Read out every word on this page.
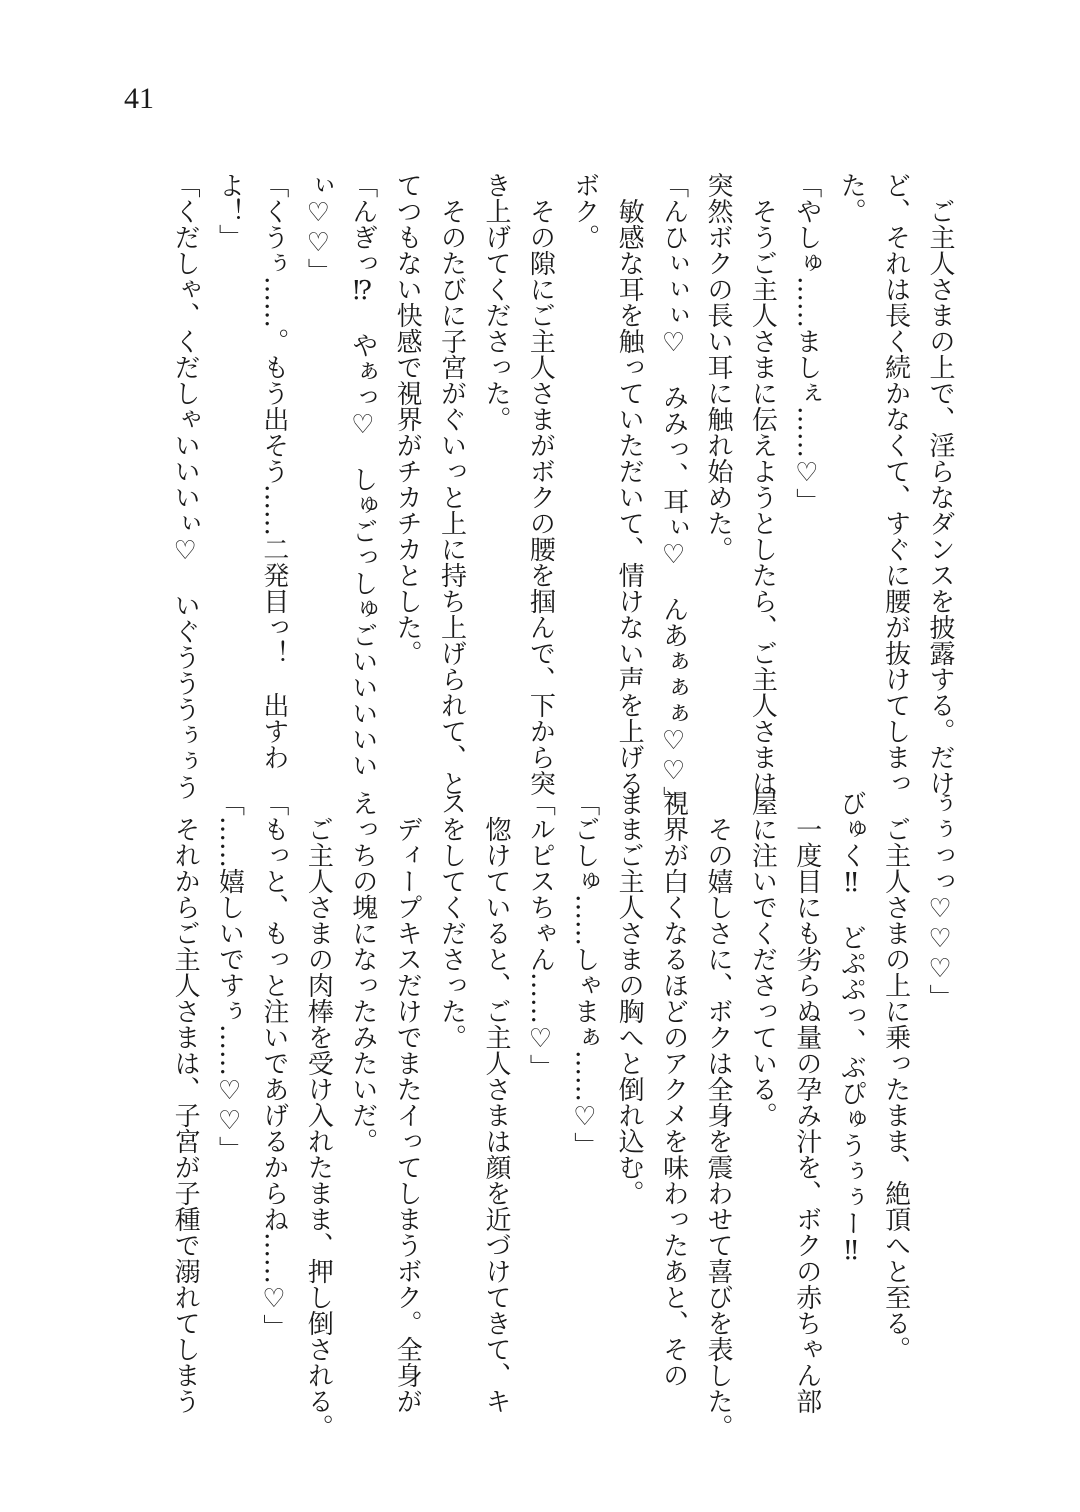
41
　ご主人さまの上で、淫らなダンスを披露する。だけ
ど、それは長く続かなくて、すぐに腰が抜けてしまっ
た。
「やしゅ……ましぇ……♡」
　そうご主人さまに伝えようとしたら、ご主人さまは
突然ボクの長い耳に触れ始めた。
「んひぃぃぃ♡　みみっ、耳ぃ♡　んあぁぁぁ♡♡」
　敏感な耳を触っていただいて、情けない声を上げる
ボク。
　その隙にご主人さまがボクの腰を掴んで、下から突
き上げてくださった。
　そのたびに子宮がぐいっと上に持ち上げられて、と
てつもない快感で視界がチカチカとした。
「んぎっ⁉　やぁっ♡　しゅごっしゅごいいいいい
ぃ♡♡」
「くうぅ……。もう出そう……二発目っ！　出すわ
よ！」
「くだしゃ、くだしゃいいいぃ♡　いぐうううぅぅう
ぅぅっっ♡♡♡」
　ご主人さまの上に乗ったまま、絶頂へと至る。
びゅく‼　どぷぷっ、ぶぴゅうぅぅー‼
　一度目にも劣らぬ量の孕み汁を、ボクの赤ちゃん部
屋に注いでくださっている。
　その嬉しさに、ボクは全身を震わせて喜びを表した。
視界が白くなるほどのアクメを味わったあと、その
ままご主人さまの胸へと倒れ込む。
「ごしゅ……しゃまぁ……♡」
「ルピスちゃん……♡」
　惚けていると、ご主人さまは顔を近づけてきて、キ
スをしてくださった。
　ディープキスだけでまたイってしまうボク。全身が
えっちの塊になったみたいだ。
　ご主人さまの肉棒を受け入れたまま、押し倒される。
「もっと、もっと注いであげるからね……♡」
「……嬉しいですぅ……♡♡」
　それからご主人さまは、子宮が子種で溺れてしまう
